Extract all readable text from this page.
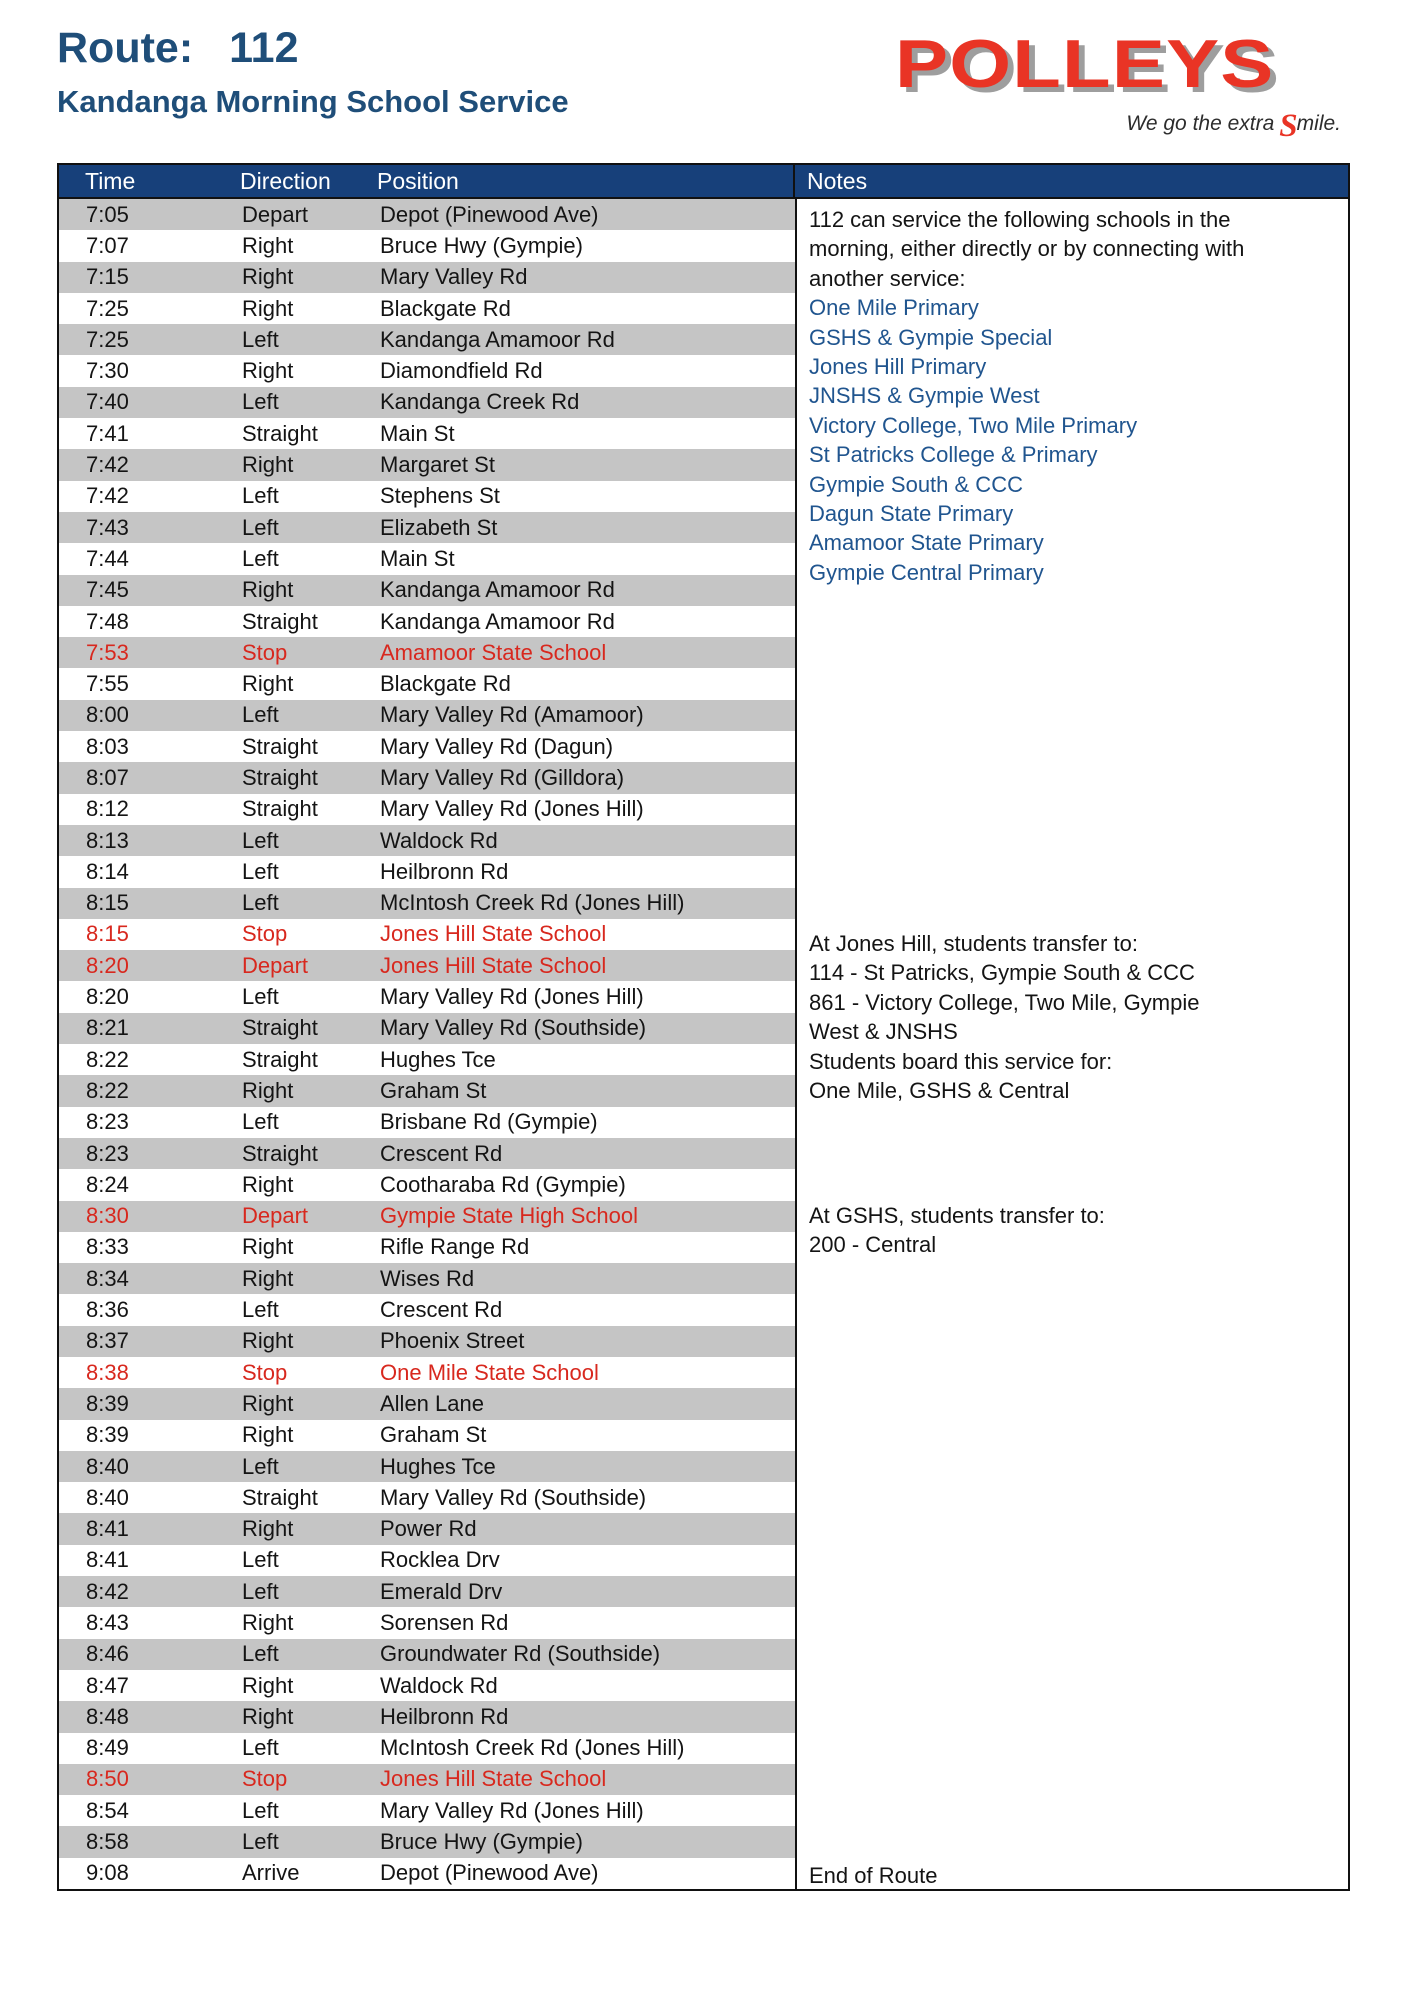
Route: 112
Kandanga Morning School Service	POLLEYS
We go the extra Smile.
Time	Direction Position	Notes
7:05	Depart	Depot (Pinewood Ave)
7:07	Right	Bruce Hwy (Gympie)
7:15	Right	Mary Valley Rd
7:25	Right	Blackgate Rd
7:25	Left	Kandanga Amamoor Rd
7:30	Right	Diamondfield Rd
7:40	Left	Kandanga Creek Rd
7:41	Straight	Main St
7:42	Right	Margaret St
7:42	Left	Stephens St
7:43	Left	Elizabeth St
7:44	Left	Main St
7:45	Right	Kandanga Amamoor Rd
7:48	Straight	Kandanga Amamoor Rd
7:53	Stop	Amamoor State School
7:55	Right	Blackgate Rd
8:00	Left	Mary Valley Rd (Amamoor)
8:03	Straight	Mary Valley Rd (Dagun)
8:07	Straight	Mary Valley Rd (Gilldora)
8:12	Straight	Mary Valley Rd (Jones Hill)
8:13	Left	Waldock Rd
8:14	Left	Heilbronn Rd
8:15	Left	McIntosh Creek Rd (Jones Hill)
8:15	Stop	Jones Hill State School
8:20	Depart	Jones Hill State School
8:20	Left	Mary Valley Rd (Jones Hill)
8:21	Straight	Mary Valley Rd (Southside)
8:22	Straight	Hughes Tce
8:22	Right	Graham St
8:23	Left	Brisbane Rd (Gympie)
8:23	Straight	Crescent Rd
8:24	Right	Cootharaba Rd (Gympie)
8:30	Depart	Gympie State High School
8:33	Right	Rifle Range Rd
8:34	Right	Wises Rd
8:36	Left	Crescent Rd
8:37	Right	Phoenix Street
8:38	Stop	One Mile State School
8:39	Right	Allen Lane
8:39	Right	Graham St
8:40	Left	Hughes Tce
8:40	Straight	Mary Valley Rd (Southside)
8:41	Right	Power Rd
8:41	Left	Rocklea Drv
8:42	Left	Emerald Drv
8:43	Right	Sorensen Rd
8:46	Left	Groundwater Rd (Southside)
8:47	Right	Waldock Rd
8:48	Right	Heilbronn Rd
8:49	Left	McIntosh Creek Rd (Jones Hill)
8:50	Stop	Jones Hill State School
8:54	Left	Mary Valley Rd (Jones Hill)
8:58	Left	Bruce Hwy (Gympie)
9:08	Arrive	Depot (Pinewood Ave)
112 can service the following schools in the
morning, either directly or by connecting with
another service:
One Mile Primary
GSHS & Gympie Special
Jones Hill Primary
JNSHS & Gympie West
Victory College, Two Mile Primary
St Patricks College & Primary
Gympie South & CCC
Dagun State Primary
Amamoor State Primary
Gympie Central Primary
At Jones Hill, students transfer to:
114 - St Patricks, Gympie South & CCC
861 - Victory College, Two Mile, Gympie
West & JNSHS
Students board this service for:
One Mile, GSHS & Central
At GSHS, students transfer to:
200 - Central
End of Route
